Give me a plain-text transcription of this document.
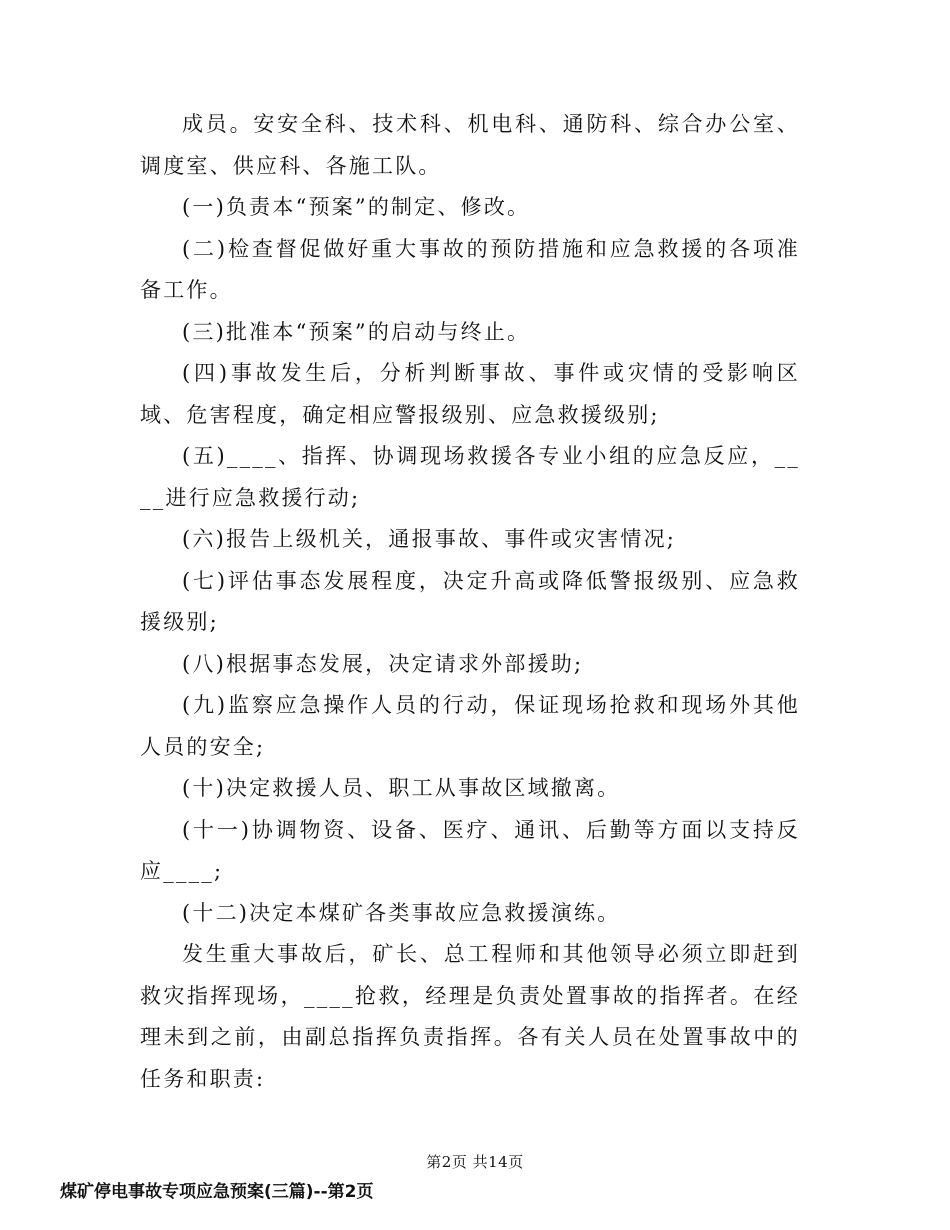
成员。安安全科、技术科、机电科、通防科、综合办公室、调度室、供应科、各施工队。

(一)负责本“预案”的制定、修改。

(二)检查督促做好重大事故的预防措施和应急救援的各项准备工作。

(三)批准本“预案”的启动与终止。

(四)事故发生后，分析判断事故、事件或灾情的受影响区域、危害程度，确定相应警报级别、应急救援级别;

(五)____、指挥、协调现场救援各专业小组的应急反应，____进行应急救援行动;

(六)报告上级机关，通报事故、事件或灾害情况;

(七)评估事态发展程度，决定升高或降低警报级别、应急救援级别;

(八)根据事态发展，决定请求外部援助;

(九)监察应急操作人员的行动，保证现场抢救和现场外其他人员的安全;

(十)决定救援人员、职工从事故区域撤离。

(十一)协调物资、设备、医疗、通讯、后勤等方面以支持反应____;

(十二)决定本煤矿各类事故应急救援演练。

发生重大事故后，矿长、总工程师和其他领导必须立即赶到救灾指挥现场，____抢救，经理是负责处置事故的指挥者。在经理未到之前，由副总指挥负责指挥。各有关人员在处置事故中的任务和职责:

第2页 共14页
煤矿停电事故专项应急预案(三篇)--第2页
